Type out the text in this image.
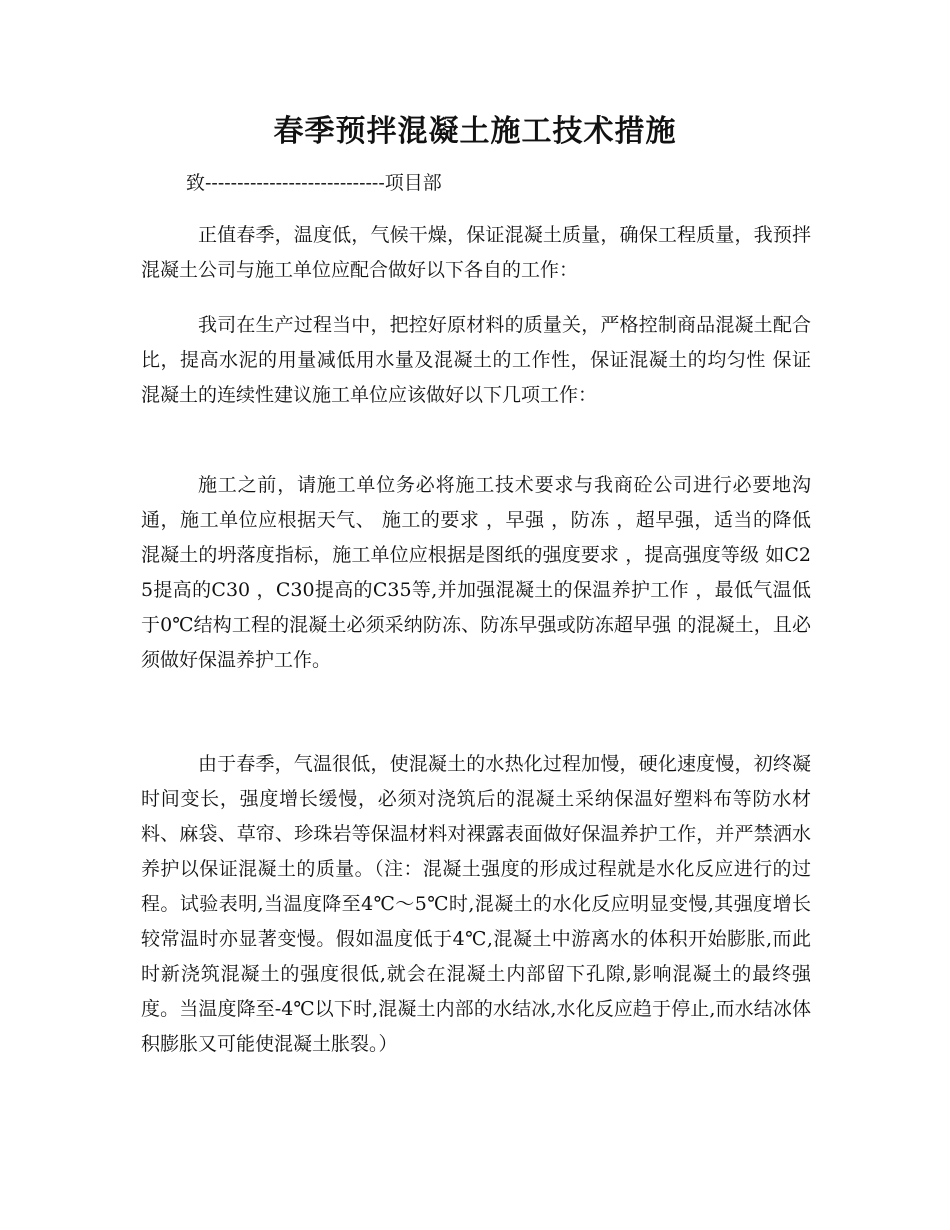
春季预拌混凝土施工技术措施
致----------------------------项目部

正值春季，温度低，气候干燥，保证混凝土质量，确保工程质量，我预拌混凝土公司与施工单位应配合做好以下各自的工作：

我司在生产过程当中，把控好原材料的质量关，严格控制商品混凝土配合比，提高水泥的用量减低用水量及混凝土的工作性，保证混凝土的均匀性 保证混凝土的连续性建议施工单位应该做好以下几项工作：

施工之前，请施工单位务必将施工技术要求与我商砼公司进行必要地沟通，施工单位应根据天气、 施工的要求 ，早强 ，防冻 ，超早强，适当的降低混凝土的坍落度指标，施工单位应根据是图纸的强度要求 ，提高强度等级 如C25提高的C30 ，C30提高的C35等,并加强混凝土的保温养护工作 ，最低气温低于0℃结构工程的混凝土必须采纳防冻、防冻早强或防冻超早强 的混凝土，且必须做好保温养护工作。

由于春季，气温很低，使混凝土的水热化过程加慢，硬化速度慢，初终凝时间变长，强度增长缓慢，必须对浇筑后的混凝土采纳保温好塑料布等防水材料、麻袋、草帘、珍珠岩等保温材料对裸露表面做好保温养护工作，并严禁洒水养护以保证混凝土的质量。（注：混凝土强度的形成过程就是水化反应进行的过程。试验表明,当温度降至4℃～5℃时,混凝土的水化反应明显变慢,其强度增长较常温时亦显著变慢。假如温度低于4℃,混凝土中游离水的体积开始膨胀,而此时新浇筑混凝土的强度很低,就会在混凝土内部留下孔隙,影响混凝土的最终强度。当温度降至-4℃以下时,混凝土内部的水结冰,水化反应趋于停止,而水结冰体积膨胀又可能使混凝土胀裂。）
